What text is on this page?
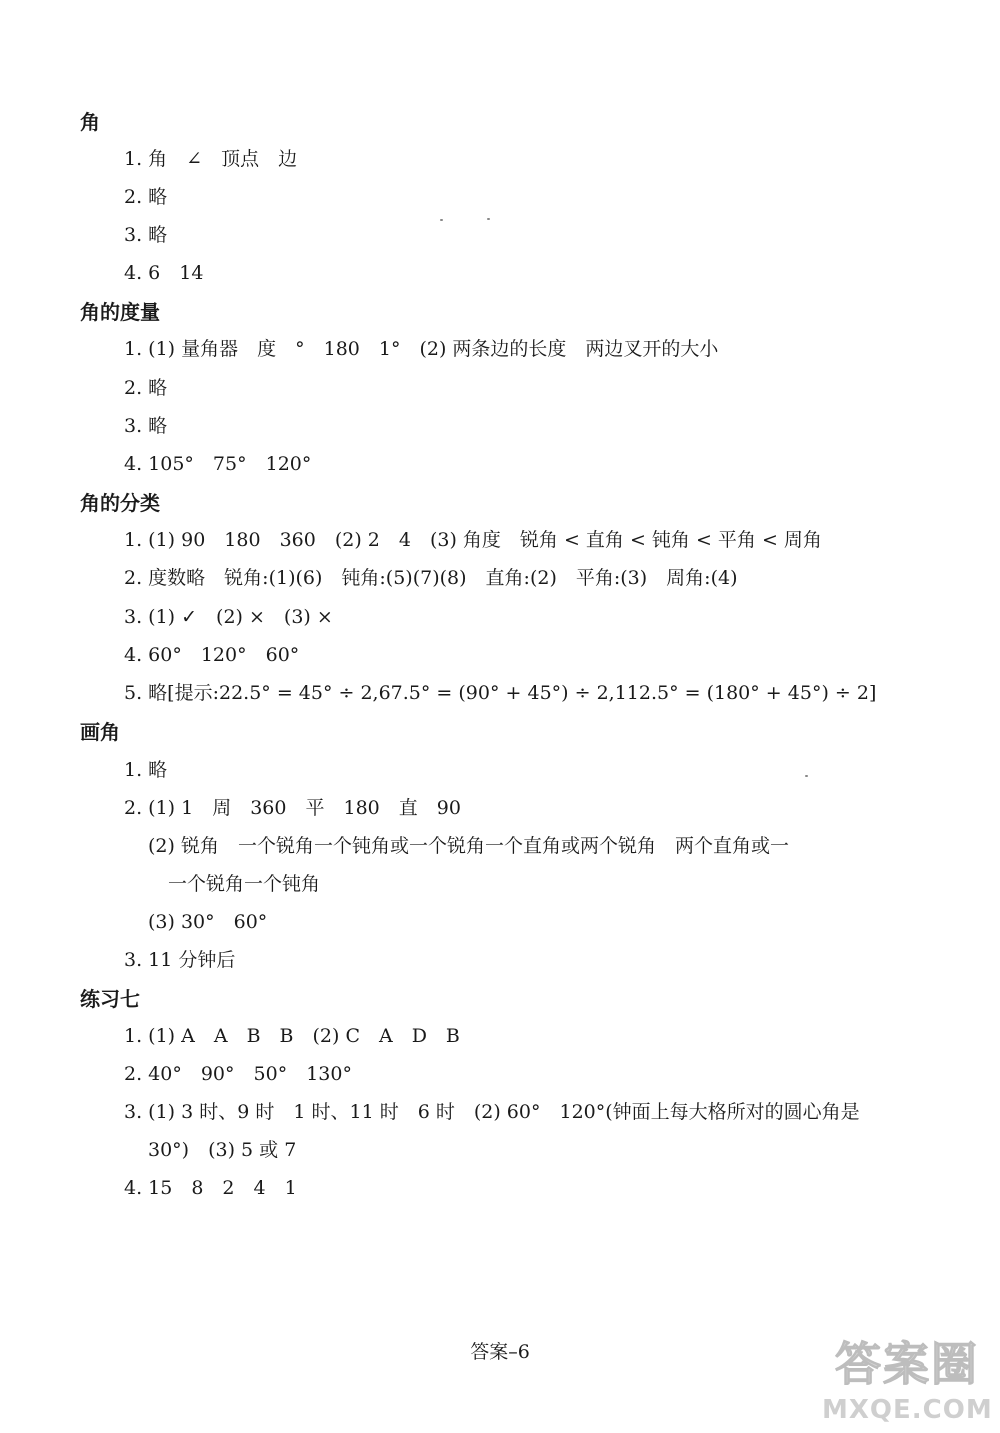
角
1. 角　∠　顶点　边
2. 略
3. 略
4. 6　14
角的度量
1. (1) 量角器　度　°　180　1°　(2) 两条边的长度　两边叉开的大小
2. 略
3. 略
4. 105°　75°　120°
角的分类
1. (1) 90　180　360　(2) 2　4　(3) 角度　锐角 < 直角 < 钝角 < 平角 < 周角
2. 度数略　锐角:(1)(6)　钝角:(5)(7)(8)　直角:(2)　平角:(3)　周角:(4)
3. (1) ✓　(2) ×　(3) ×
4. 60°　120°　60°
5. 略[提示:22.5° = 45° ÷ 2,67.5° = (90° + 45°) ÷ 2,112.5° = (180° + 45°) ÷ 2]
画角
1. 略
2. (1) 1　周　360　平　180　直　90
(2) 锐角　一个锐角一个钝角或一个锐角一个直角或两个锐角　两个直角或一
一个锐角一个钝角
(3) 30°　60°
3. 11 分钟后
练习七
1. (1) A　A　B　B　(2) C　A　D　B
2. 40°　90°　50°　130°
3. (1) 3 时、9 时　1 时、11 时　6 时　(2) 60°　120°(钟面上每大格所对的圆心角是
30°)　(3) 5 或 7
4. 15　8　2　4　1
答案–6	答案圈
MXQE.COM
